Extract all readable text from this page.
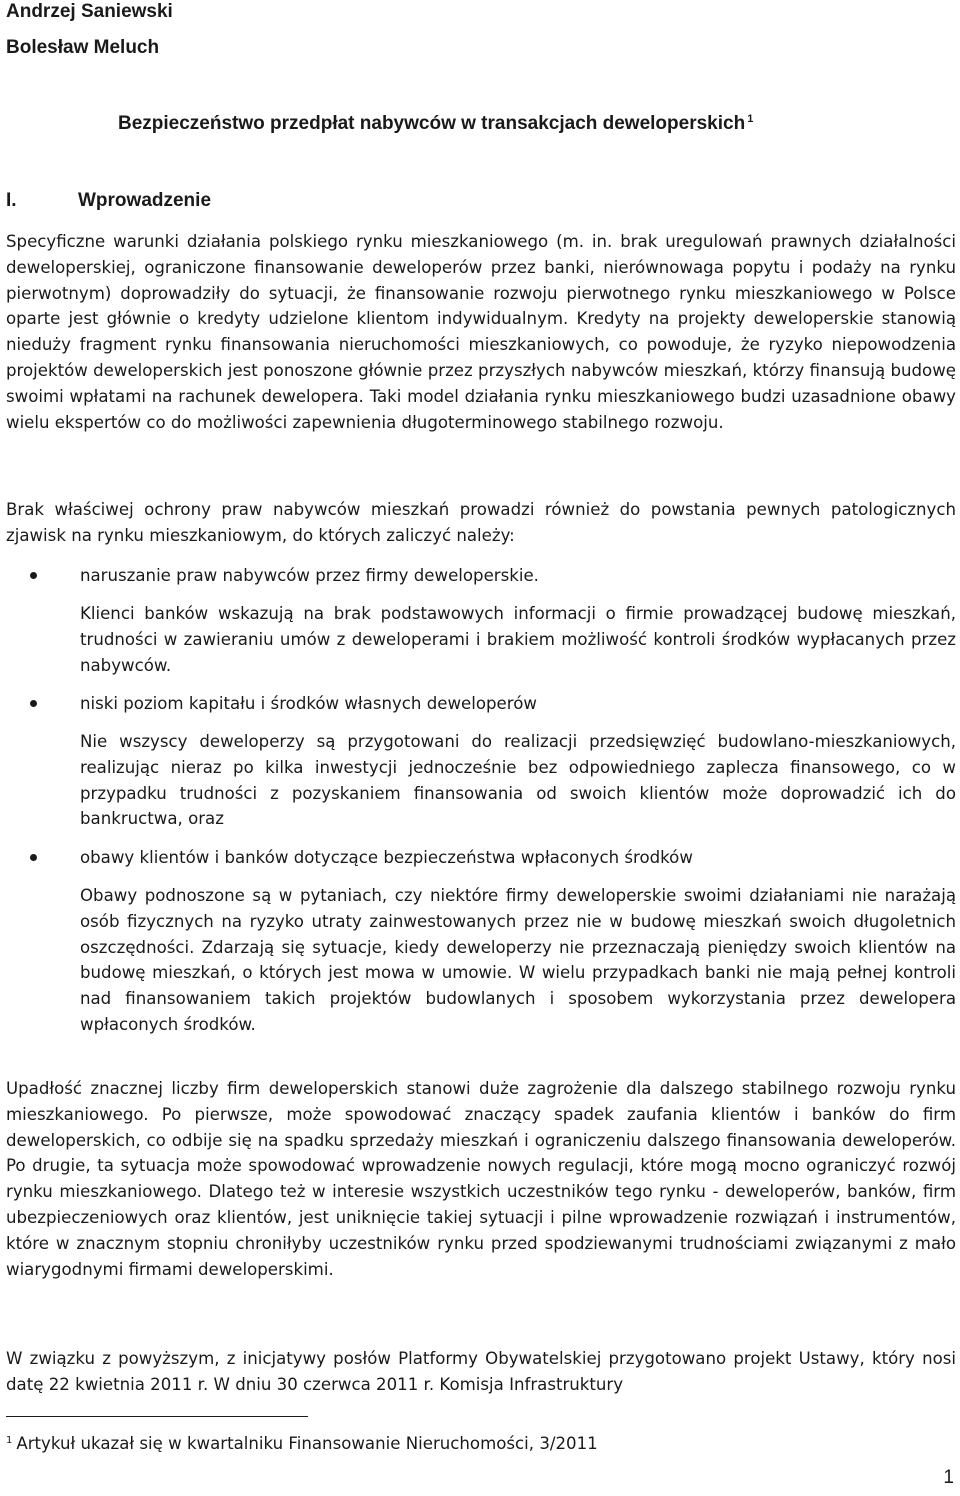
Andrzej Saniewski
Bolesław Meluch
Bezpieczeństwo przedpłat nabywców w transakcjach deweloperskich $^1$
I.	Wprowadzenie

Specyficzne warunki działania polskiego rynku mieszkaniowego (m. in. brak uregulowań prawnych działalności deweloperskiej, ograniczone finansowanie deweloperów przez banki, nierównowaga popytu i podaży na rynku pierwotnym) doprowadziły do sytuacji, że finansowanie rozwoju pierwotnego rynku mieszkaniowego w Polsce oparte jest głównie o kredyty udzielone klientom indywidualnym. Kredyty na projekty deweloperskie stanowią nieduży fragment rynku finansowania nieruchomości mieszkaniowych, co powoduje, że ryzyko niepowodzenia projektów deweloperskich jest ponoszone głównie przez przyszłych nabywców mieszkań, którzy finansują budowę swoimi wpłatami na rachunek dewelopera. Taki model działania rynku mieszkaniowego budzi uzasadnione obawy wielu ekspertów co do możliwości zapewnienia długoterminowego stabilnego rozwoju.

Brak właściwej ochrony praw nabywców mieszkań prowadzi również do powstania pewnych patologicznych zjawisk na rynku mieszkaniowym, do których zaliczyć należy:

naruszanie praw nabywców przez firmy deweloperskie.

Klienci banków wskazują na brak podstawowych informacji o firmie prowadzącej budowę mieszkań, trudności w zawieraniu umów z deweloperami i brakiem możliwość kontroli środków wypłacanych przez nabywców.

niski poziom kapitału i środków własnych deweloperów

Nie wszyscy deweloperzy są przygotowani do realizacji przedsięwzięć budowlano-mieszkaniowych, realizując nieraz po kilka inwestycji jednocześnie bez odpowiedniego zaplecza finansowego, co w przypadku trudności z pozyskaniem finansowania od swoich klientów może doprowadzić ich do bankructwa, oraz

obawy klientów i banków dotyczące bezpieczeństwa wpłaconych środków

Obawy podnoszone są w pytaniach, czy niektóre firmy deweloperskie swoimi działaniami nie narażają osób fizycznych na ryzyko utraty zainwestowanych przez nie w budowę mieszkań swoich długoletnich oszczędności. Zdarzają się sytuacje, kiedy deweloperzy nie przeznaczają pieniędzy swoich klientów na budowę mieszkań, o których jest mowa w umowie. W wielu przypadkach banki nie mają pełnej kontroli nad finansowaniem takich projektów budowlanych i sposobem wykorzystania przez dewelopera wpłaconych środków.

Upadłość znacznej liczby firm deweloperskich stanowi duże zagrożenie dla dalszego stabilnego rozwoju rynku mieszkaniowego. Po pierwsze, może spowodować znaczący spadek zaufania klientów i banków do firm deweloperskich, co odbije się na spadku sprzedaży mieszkań i ograniczeniu dalszego finansowania deweloperów. Po drugie, ta sytuacja może spowodować wprowadzenie nowych regulacji, które mogą mocno ograniczyć rozwój rynku mieszkaniowego. Dlatego też w interesie wszystkich uczestników tego rynku - deweloperów, banków, firm ubezpieczeniowych oraz klientów, jest uniknięcie takiej sytuacji i pilne wprowadzenie rozwiązań i instrumentów, które w znacznym stopniu chroniłyby uczestników rynku przed spodziewanymi trudnościami związanymi z mało wiarygodnymi firmami deweloperskimi.

W związku z powyższym, z inicjatywy posłów Platformy Obywatelskiej przygotowano projekt Ustawy, który nosi datę 22 kwietnia 2011 r. W dniu 30 czerwca 2011 r. Komisja Infrastruktury

$^1$ Artykuł ukazał się w kwartalniku Finansowanie Nieruchomości, 3/2011
1
